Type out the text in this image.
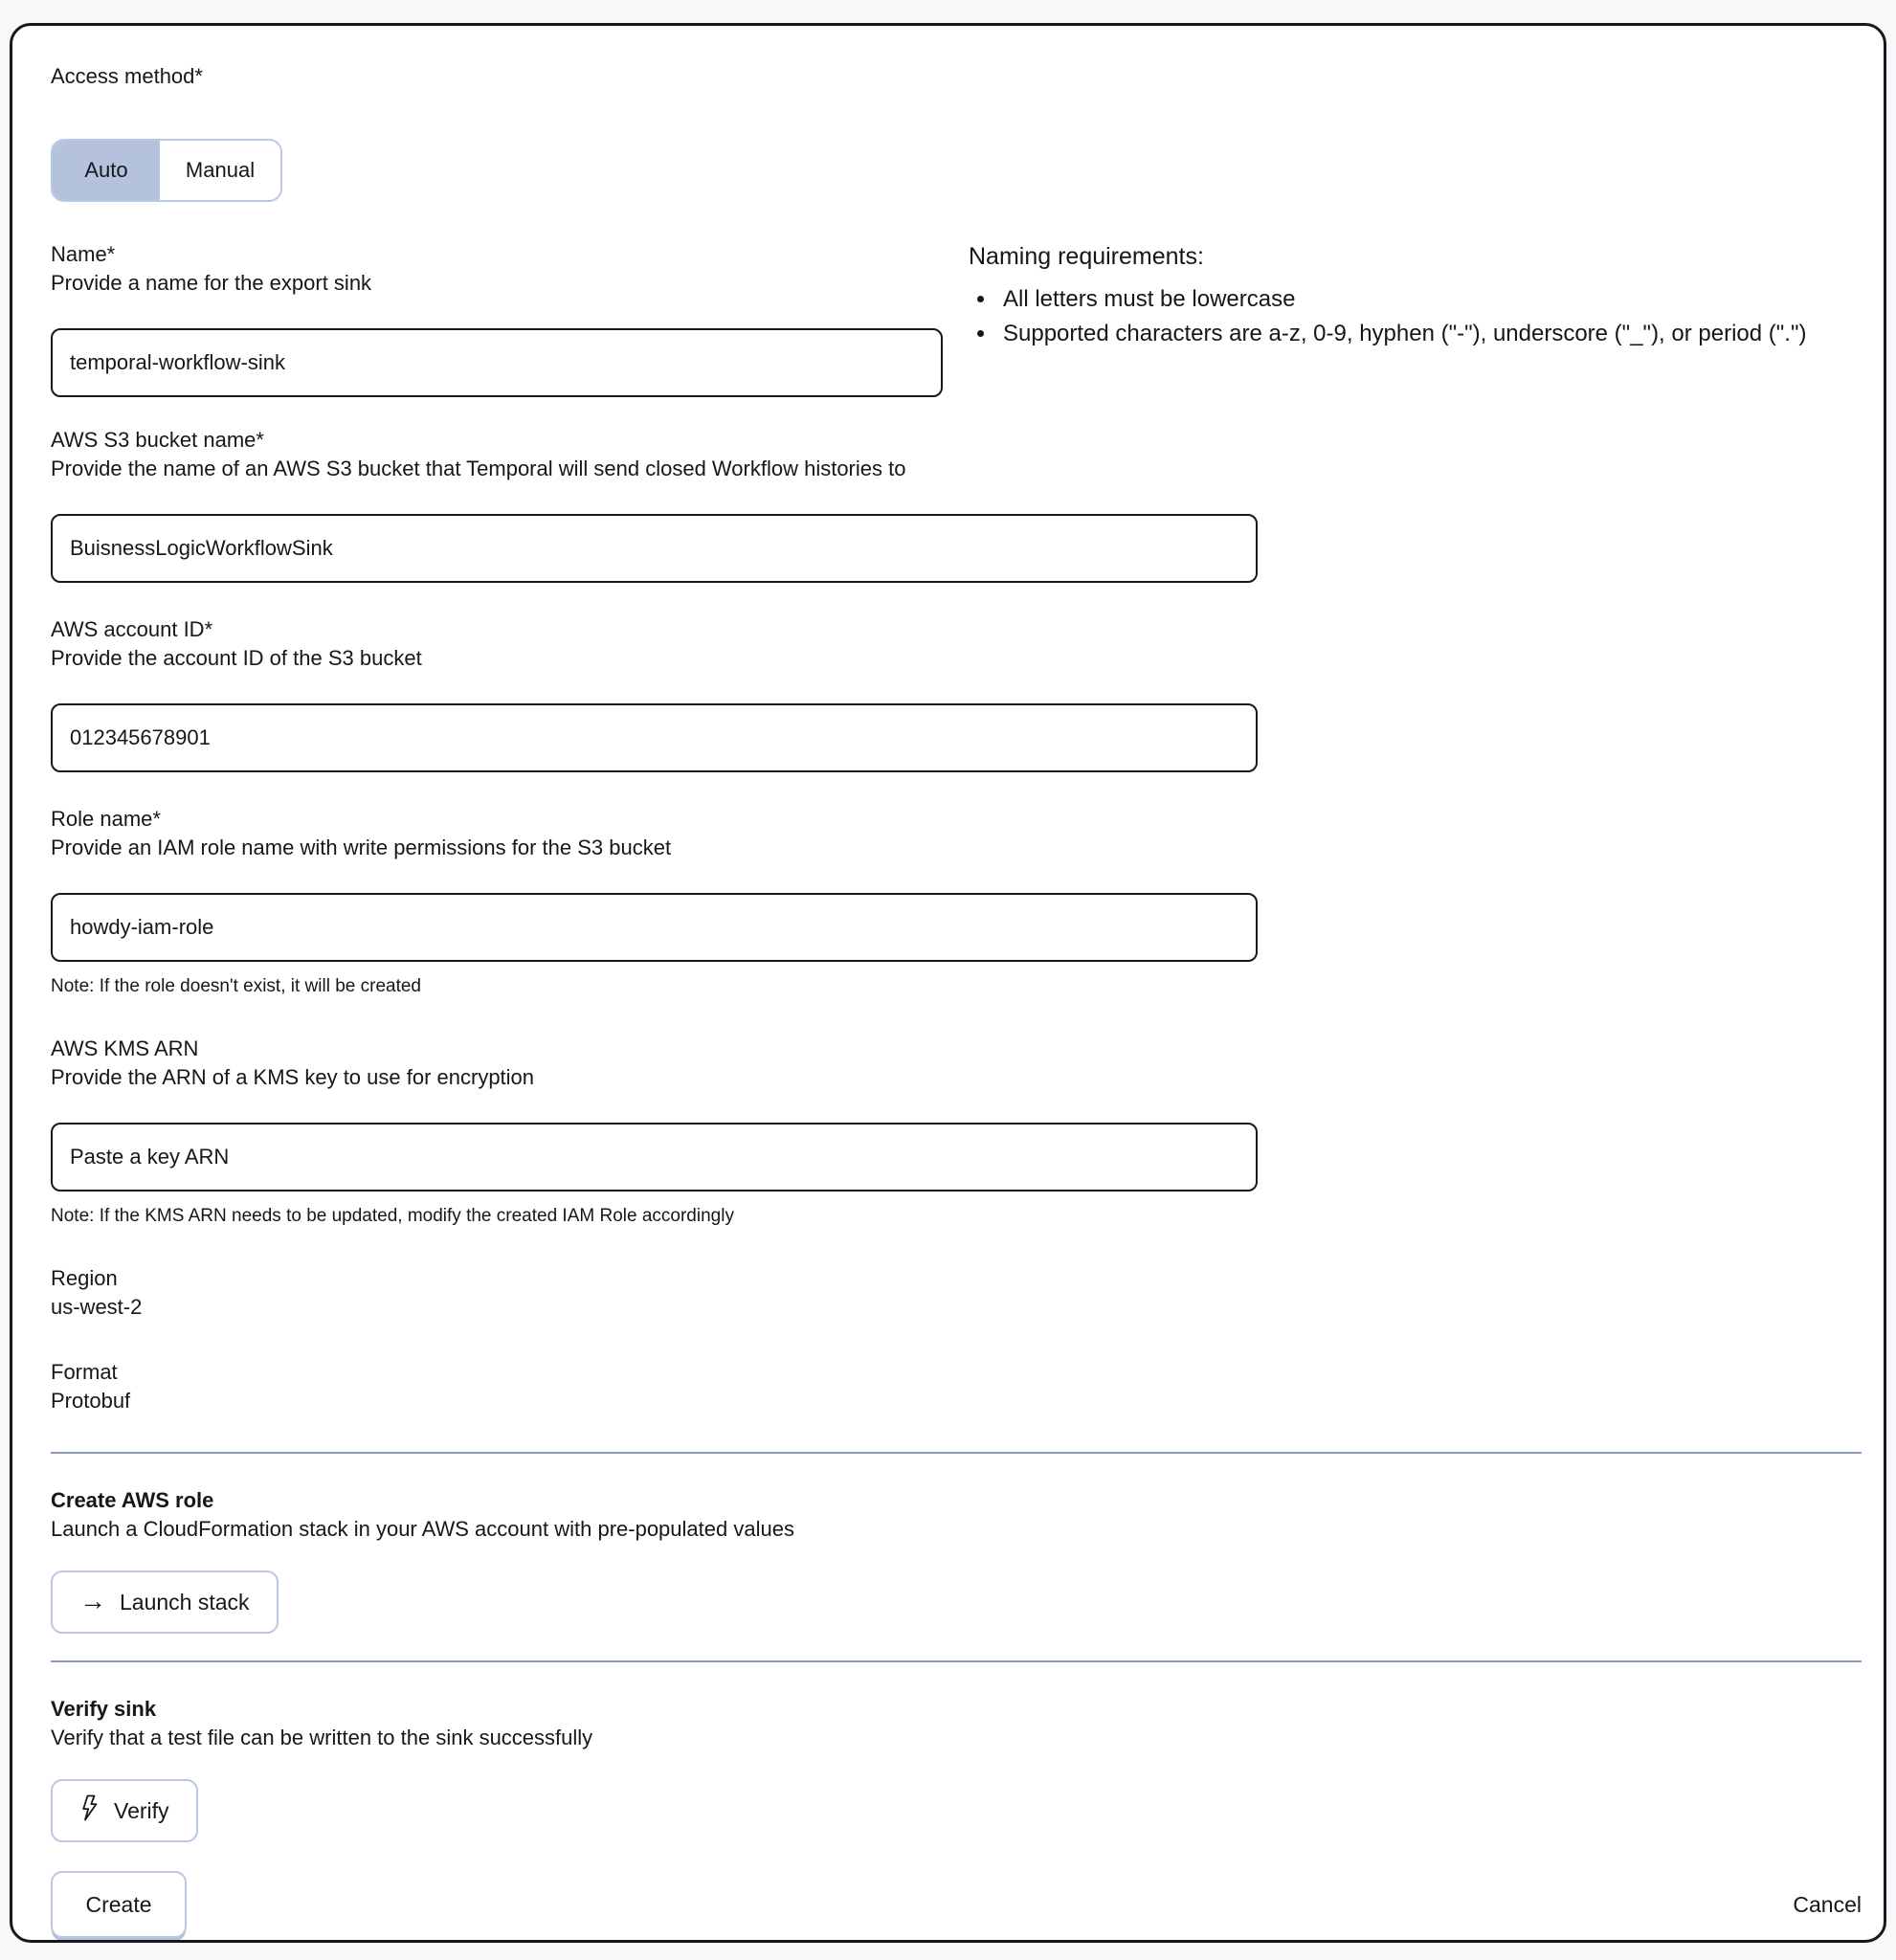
Access method*
Auto	Manual
Name*
Provide a name for the export sink
temporal-workflow-sink
Naming requirements:
• All letters must be lowercase
• Supported characters are a-z, 0-9, hyphen ("-"), underscore ("_"), or period (".")
AWS S3 bucket name*
Provide the name of an AWS S3 bucket that Temporal will send closed Workflow histories to
BuisnessLogicWorkflowSink
AWS account ID*
Provide the account ID of the S3 bucket
012345678901
Role name*
Provide an IAM role name with write permissions for the S3 bucket
howdy-iam-role
Note: If the role doesn't exist, it will be created
AWS KMS ARN
Provide the ARN of a KMS key to use for encryption
Paste a key ARN
Note: If the KMS ARN needs to be updated, modify the created IAM Role accordingly
Region
us-west-2
Format
Protobuf
Create AWS role
Launch a CloudFormation stack in your AWS account with pre-populated values
→ Launch stack
Verify sink
Verify that a test file can be written to the sink successfully
Verify
Create	Cancel
